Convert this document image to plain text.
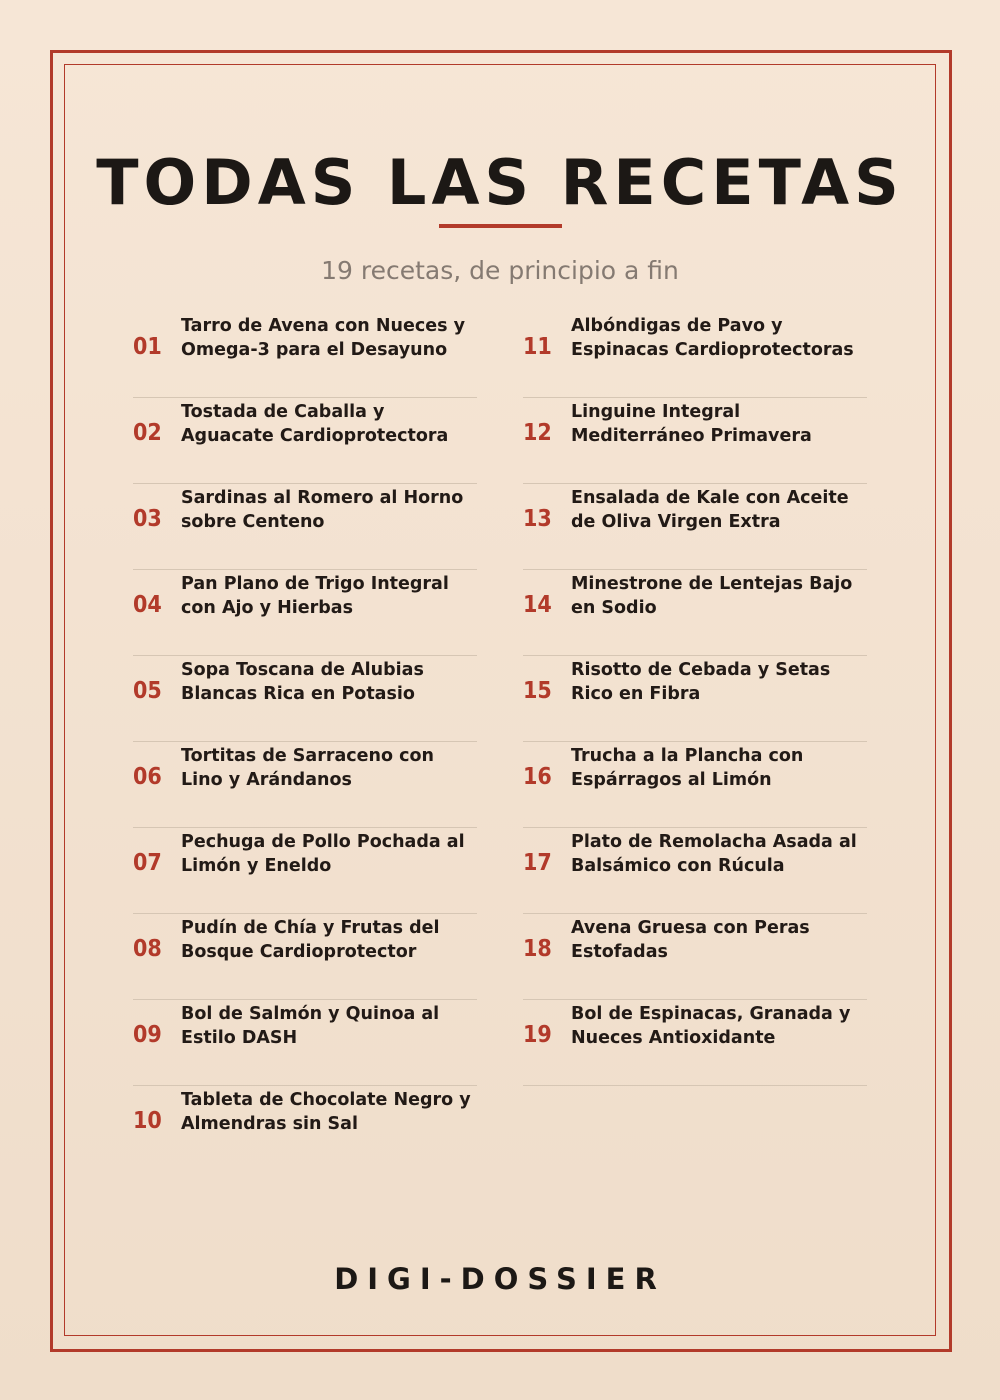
TODAS LAS RECETAS
19 recetas, de principio a fin
01
Tarro de Avena con Nueces y Omega-3 para el Desayuno
02
Tostada de Caballa y Aguacate Cardioprotectora
03
Sardinas al Romero al Horno sobre Centeno
04
Pan Plano de Trigo Integral con Ajo y Hierbas
05
Sopa Toscana de Alubias Blancas Rica en Potasio
06
Tortitas de Sarraceno con Lino y Arándanos
07
Pechuga de Pollo Pochada al Limón y Eneldo
08
Pudín de Chía y Frutas del Bosque Cardioprotector
09
Bol de Salmón y Quinoa al Estilo DASH
10
Tableta de Chocolate Negro y Almendras sin Sal
11
Albóndigas de Pavo y Espinacas Cardioprotectoras
12
Linguine Integral Mediterráneo Primavera
13
Ensalada de Kale con Aceite de Oliva Virgen Extra
14
Minestrone de Lentejas Bajo en Sodio
15
Risotto de Cebada y Setas Rico en Fibra
16
Trucha a la Plancha con Espárragos al Limón
17
Plato de Remolacha Asada al Balsámico con Rúcula
18
Avena Gruesa con Peras Estofadas
19
Bol de Espinacas, Granada y Nueces Antioxidante
DIGI-DOSSIER
